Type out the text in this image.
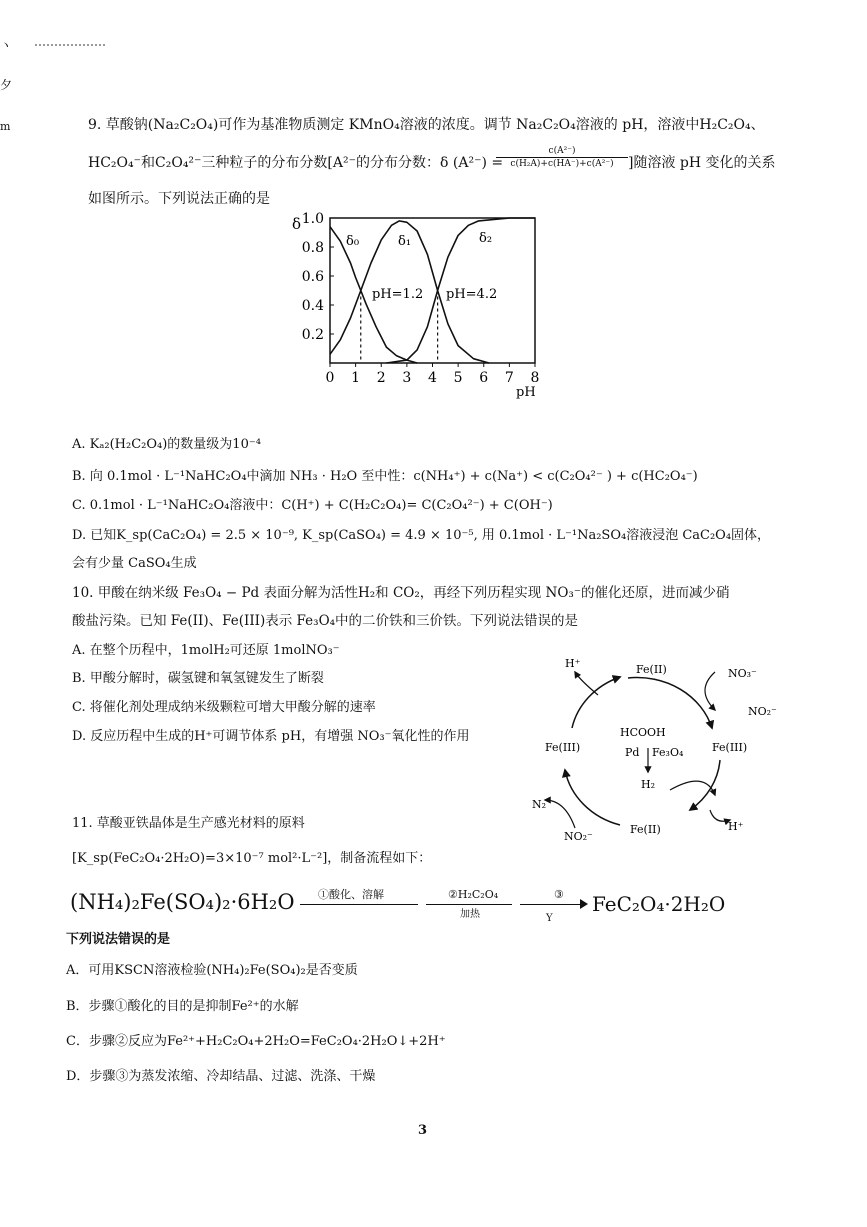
ヽ
夕
m	9. 草酸钠(Na₂C₂O₄)可作为基准物质测定 KMnO₄溶液的浓度。调节 Na₂C₂O₄溶液的 pH，溶液中H₂C₂O₄、
HC₂O₄⁻和C₂O₄²⁻三种粒子的分布分数[A²⁻的分布分数：δ (A²⁻) =
$\frac{\text{c(A²⁻)}}{\text{c(H₂A)+c(HA⁻)+c(A²⁻)}}$ ]随溶液 pH 变化的关系
如图所示。下列说法正确的是
0.2
0.4
0.6
0.8
1.0
0 1 2 3 4 5 6 7 8
δ
pH
δ₀	δ₁	δ₂
pH=1.2 pH=4.2
A. Kₐ₂(H₂C₂O₄)的数量级为10⁻⁴
B. 向 0.1mol · L⁻¹NaHC₂O₄中滴加 NH₃ · H₂O 至中性：c(NH₄⁺) + c(Na⁺) < c(C₂O₄²⁻ ) + c(HC₂O₄⁻)
C. 0.1mol · L⁻¹NaHC₂O₄溶液中：C(H⁺) + C(H₂C₂O₄)= C(C₂O₄²⁻) + C(OH⁻)
D. 已知K_sp(CaC₂O₄) = 2.5 × 10⁻⁹, K_sp(CaSO₄) = 4.9 × 10⁻⁵, 用 0.1mol · L⁻¹Na₂SO₄溶液浸泡 CaC₂O₄固体，
会有少量 CaSO₄生成
10. 甲酸在纳米级 Fe₃O₄ − Pd 表面分解为活性H₂和 CO₂，再经下列历程实现 NO₃⁻的催化还原，进而减少硝
酸盐污染。已知 Fe(II)、Fe(III)表示 Fe₃O₄中的二价铁和三价铁。下列说法错误的是
A. 在整个历程中，1molH₂可还原 1molNO₃⁻
B. 甲酸分解时，碳氢键和氧氢键发生了断裂
C. 将催化剂处理成纳米级颗粒可增大甲酸分解的速率
D. 反应历程中生成的H⁺可调节体系 pH，有增强 NO₃⁻氧化性的作用
H⁺	Fe(II)	NO₃⁻
NO₂⁻
Fe(III)
HCOOH
Pd Fe₃O₄
H₂
Fe(III)
N₂
NO₂⁻
Fe(II)	H⁺
11. 草酸亚铁晶体是生产感光材料的原料
[K_sp(FeC₂O₄·2H₂O)=3×10⁻⁷ mol²·L⁻²]，制备流程如下：
(NH₄)₂Fe(SO₄)₂·6H₂O ①酸化、溶解	②H₂C₂O₄
加热
③
Y
FeC₂O₄·2H₂O
下列说法错误的是
A．可用KSCN溶液检验(NH₄)₂Fe(SO₄)₂是否变质
B．步骤①酸化的目的是抑制Fe²⁺的水解
C．步骤②反应为Fe²⁺+H₂C₂O₄+2H₂O=FeC₂O₄·2H₂O↓+2H⁺
D．步骤③为蒸发浓缩、冷却结晶、过滤、洗涤、干燥
3
